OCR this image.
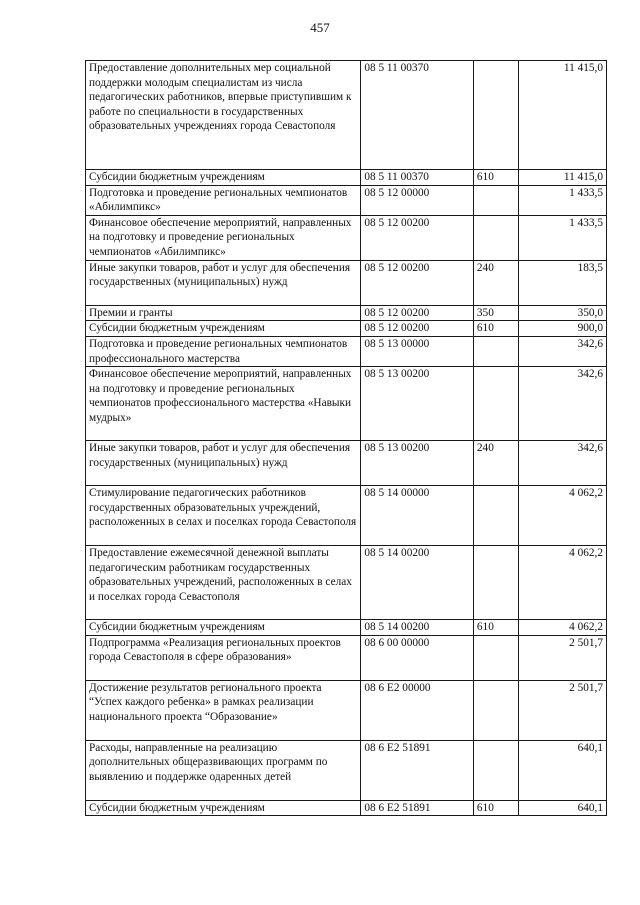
457
Предоставление дополнительных мер социальной поддержки молодым специалистам из числа педагогических работников, впервые приступившим к работе по специальности в государственных образовательных учреждениях города Севастополя	08 5 11 00370		11 415,0
Субсидии бюджетным учреждениям	08 5 11 00370	610	11 415,0
Подготовка и проведение региональных чемпионатов «Абилимпикс»	08 5 12 00000		1 433,5
Финансовое обеспечение мероприятий, направленных на подготовку и проведение региональных чемпионатов «Абилимпикс»	08 5 12 00200		1 433,5
Иные закупки товаров, работ и услуг для обеспечения государственных (муниципальных) нужд	08 5 12 00200	240	183,5
Премии и гранты	08 5 12 00200	350	350,0
Субсидии бюджетным учреждениям	08 5 12 00200	610	900,0
Подготовка и проведение региональных чемпионатов профессионального мастерства	08 5 13 00000		342,6
Финансовое обеспечение мероприятий, направленных на подготовку и проведение региональных чемпионатов профессионального мастерства «Навыки мудрых»	08 5 13 00200		342,6
Иные закупки товаров, работ и услуг для обеспечения государственных (муниципальных) нужд	08 5 13 00200	240	342,6
Стимулирование педагогических работников государственных образовательных учреждений, расположенных в селах и поселках города Севастополя	08 5 14 00000		4 062,2
Предоставление ежемесячной денежной выплаты педагогическим работникам государственных образовательных учреждений, расположенных в селах и поселках города Севастополя	08 5 14 00200		4 062,2
Субсидии бюджетным учреждениям	08 5 14 00200	610	4 062,2
Подпрограмма «Реализация региональных проектов города Севастополя в сфере образования»	08 6 00 00000		2 501,7
Достижение результатов регионального проекта “Успех каждого ребенка» в рамках реализации национального проекта “Образование»	08 6 E2 00000		2 501,7
Расходы, направленные на реализацию дополнительных общеразвивающих программ по выявлению и поддержке одаренных детей	08 6 E2 51891		640,1
Субсидии бюджетным учреждениям	08 6 E2 51891	610	640,1
